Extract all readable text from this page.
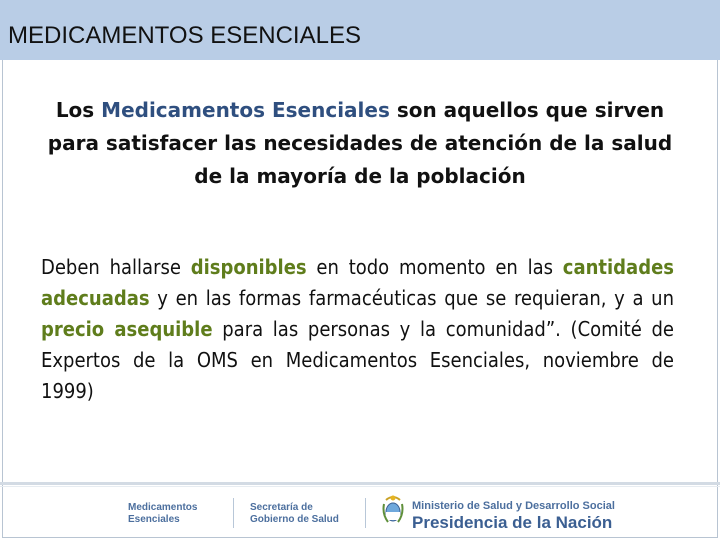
MEDICAMENTOS ESENCIALES
Los Medicamentos Esenciales son aquellos que sirven para satisfacer las necesidades de atención de la salud de la mayoría de la población
Deben hallarse disponibles en todo momento en las cantidades adecuadas y en las formas farmacéuticas que se requieran, y a un precio asequible para las personas y la comunidad”. (Comité de Expertos de la OMS en Medicamentos Esenciales, noviembre de 1999)
Medicamentos
Esenciales
Secretaría de
Gobierno de Salud
Ministerio de Salud y Desarrollo Social
Presidencia de la Nación
